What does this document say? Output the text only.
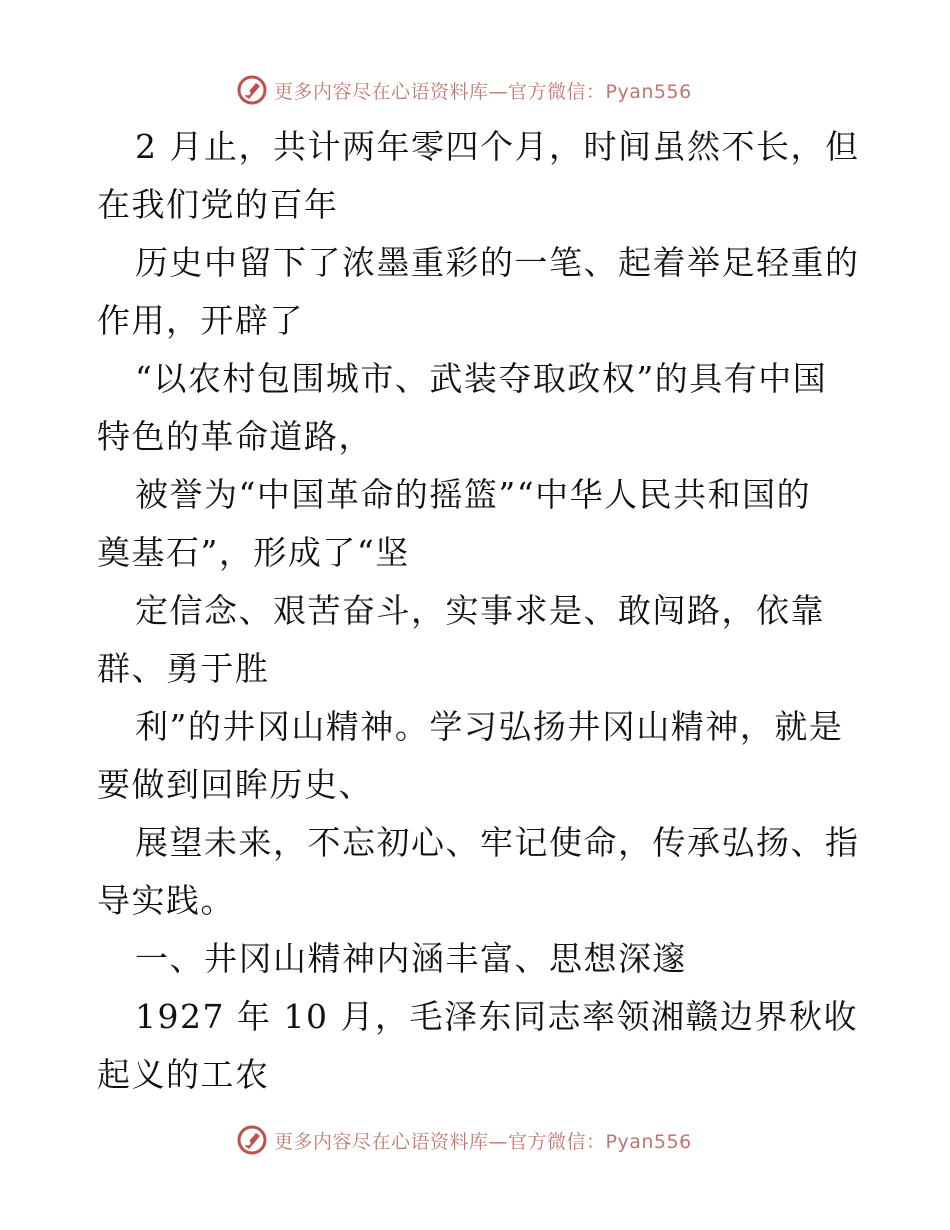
更多内容尽在心语资料库—官方微信：Pyan556
2 月止，共计两年零四个月，时间虽然不长，但
在我们党的百年
历史中留下了浓墨重彩的一笔、起着举足轻重的
作用，开辟了
“以农村包围城市、武装夺取政权”的具有中国
特色的革命道路，
被誉为“中国革命的摇篮”“中华人民共和国的
奠基石”，形成了“坚
定信念、艰苦奋斗，实事求是、敢闯路，依靠
群、勇于胜
利”的井冈山精神。学习弘扬井冈山精神，就是
要做到回眸历史、
展望未来，不忘初心、牢记使命，传承弘扬、指
导实践。
一、井冈山精神内涵丰富、思想深邃
1927 年 10 月，毛泽东同志率领湘赣边界秋收
起义的工农
更多内容尽在心语资料库—官方微信：Pyan556
